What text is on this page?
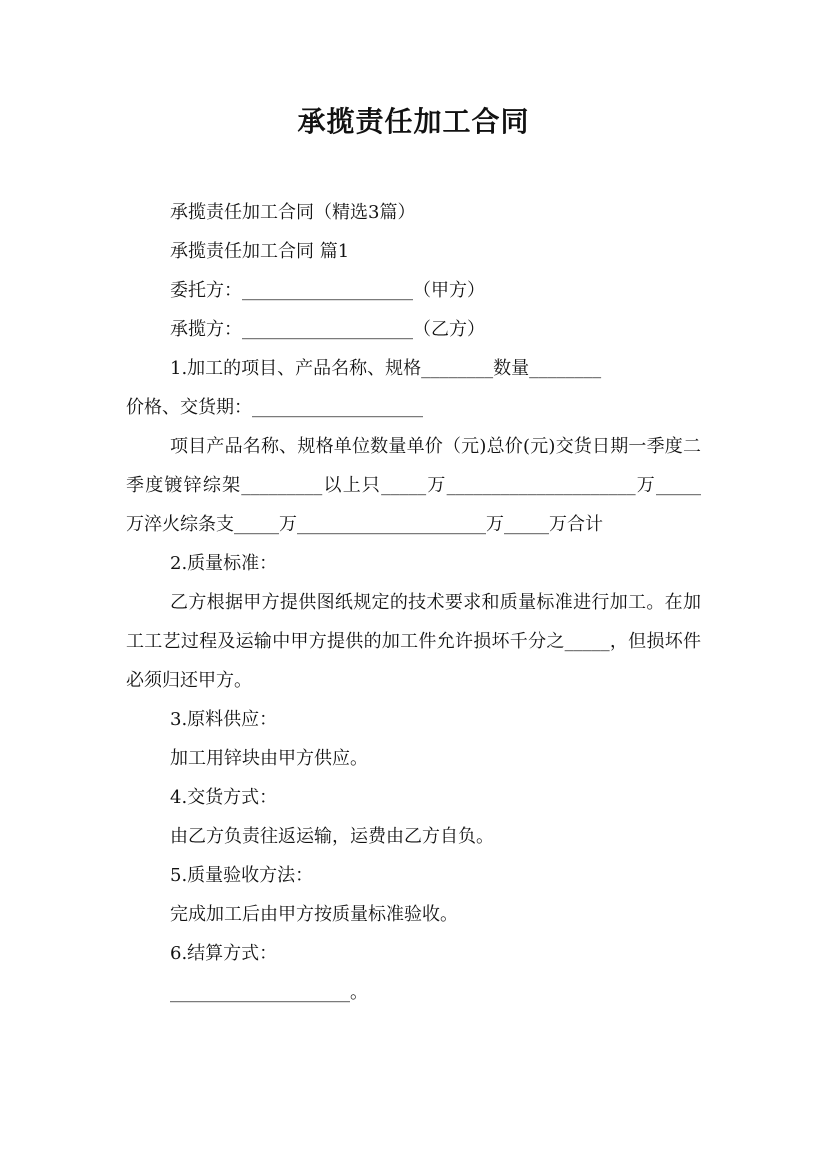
承揽责任加工合同

承揽责任加工合同（精选3篇）

承揽责任加工合同 篇1

委托方：___________________（甲方）

承揽方：___________________（乙方）

1.加工的项目、产品名称、规格________数量________

价格、交货期：___________________

项目产品名称、规格单位数量单价（元)总价(元)交货日期一季度二季度镀锌综架_________以上只_____万_____________________万_____万淬火综条支_____万_____________________万_____万合计

2.质量标准：

乙方根据甲方提供图纸规定的技术要求和质量标准进行加工。在加工工艺过程及运输中甲方提供的加工件允许损坏千分之_____，但损坏件必须归还甲方。

3.原料供应：

加工用锌块由甲方供应。

4.交货方式：

由乙方负责往返运输，运费由乙方自负。

5.质量验收方法：

完成加工后由甲方按质量标准验收。

6.结算方式：

____________________。
